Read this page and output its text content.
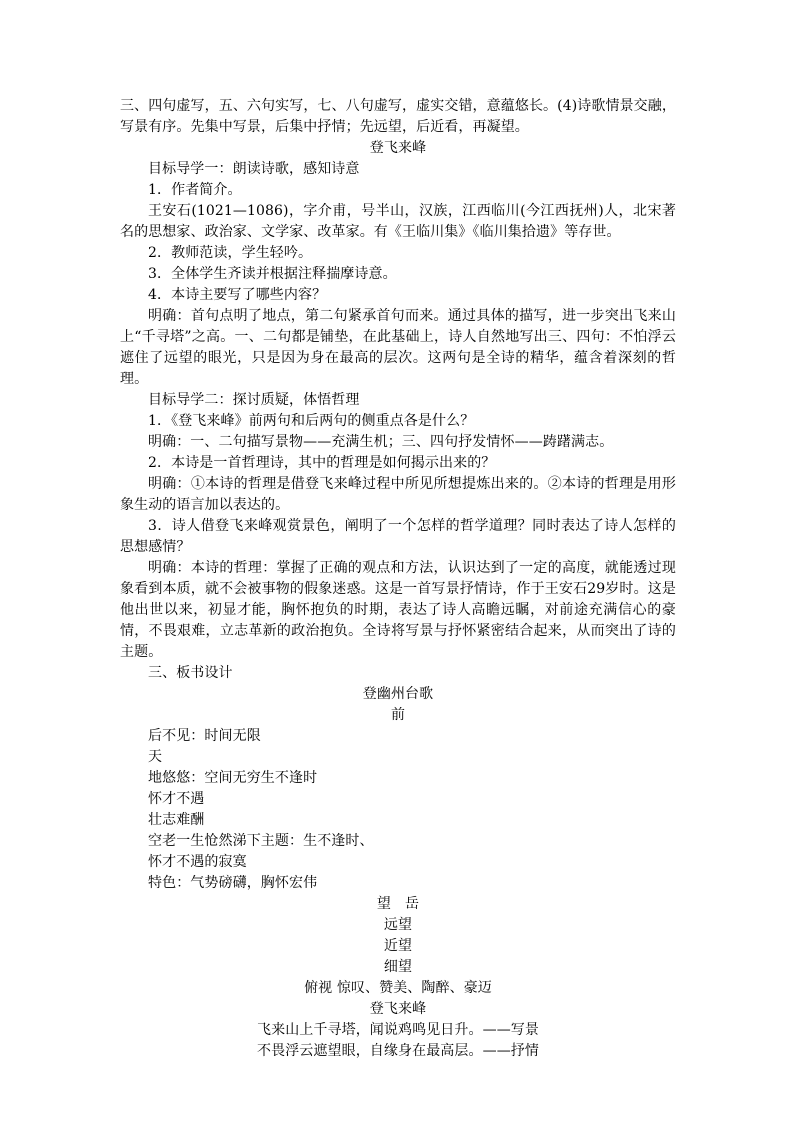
三、四句虚写，五、六句实写，七、八句虚写，虚实交错，意蕴悠长。(4)诗歌情景交融，写景有序。先集中写景，后集中抒情；先远望，后近看，再凝望。

登飞来峰

目标导学一：朗读诗歌，感知诗意

1．作者简介。

王安石(1021—1086)，字介甫，号半山，汉族，江西临川(今江西抚州)人，北宋著名的思想家、政治家、文学家、改革家。有《王临川集》《临川集拾遗》等存世。

2．教师范读，学生轻吟。

3．全体学生齐读并根据注释揣摩诗意。

4．本诗主要写了哪些内容？

明确：首句点明了地点，第二句紧承首句而来。通过具体的描写，进一步突出飞来山上“千寻塔”之高。一、二句都是铺垫，在此基础上，诗人自然地写出三、四句：不怕浮云遮住了远望的眼光，只是因为身在最高的层次。这两句是全诗的精华，蕴含着深刻的哲理。

目标导学二：探讨质疑，体悟哲理

1．《登飞来峰》前两句和后两句的侧重点各是什么？

明确：一、二句描写景物——充满生机；三、四句抒发情怀——踌躇满志。

2．本诗是一首哲理诗，其中的哲理是如何揭示出来的？

明确：①本诗的哲理是借登飞来峰过程中所见所想提炼出来的。②本诗的哲理是用形象生动的语言加以表达的。

3．诗人借登飞来峰观赏景色，阐明了一个怎样的哲学道理？同时表达了诗人怎样的思想感情？

明确：本诗的哲理：掌握了正确的观点和方法，认识达到了一定的高度，就能透过现象看到本质，就不会被事物的假象迷惑。这是一首写景抒情诗，作于王安石29岁时。这是他出世以来，初显才能，胸怀抱负的时期，表达了诗人高瞻远瞩，对前途充满信心的豪情，不畏艰难，立志革新的政治抱负。全诗将写景与抒怀紧密结合起来，从而突出了诗的主题。

三、板书设计

登幽州台歌

前

后不见：时间无限

天

地悠悠：空间无穷生不逢时

怀才不遇

壮志难酬

空老一生怆然涕下主题：生不逢时、

怀才不遇的寂寞

特色：气势磅礴，胸怀宏伟

望　岳

远望

近望

细望

俯视 惊叹、赞美、陶醉、豪迈

登飞来峰

飞来山上千寻塔，闻说鸡鸣见日升。——写景

不畏浮云遮望眼，自缘身在最高层。——抒情
